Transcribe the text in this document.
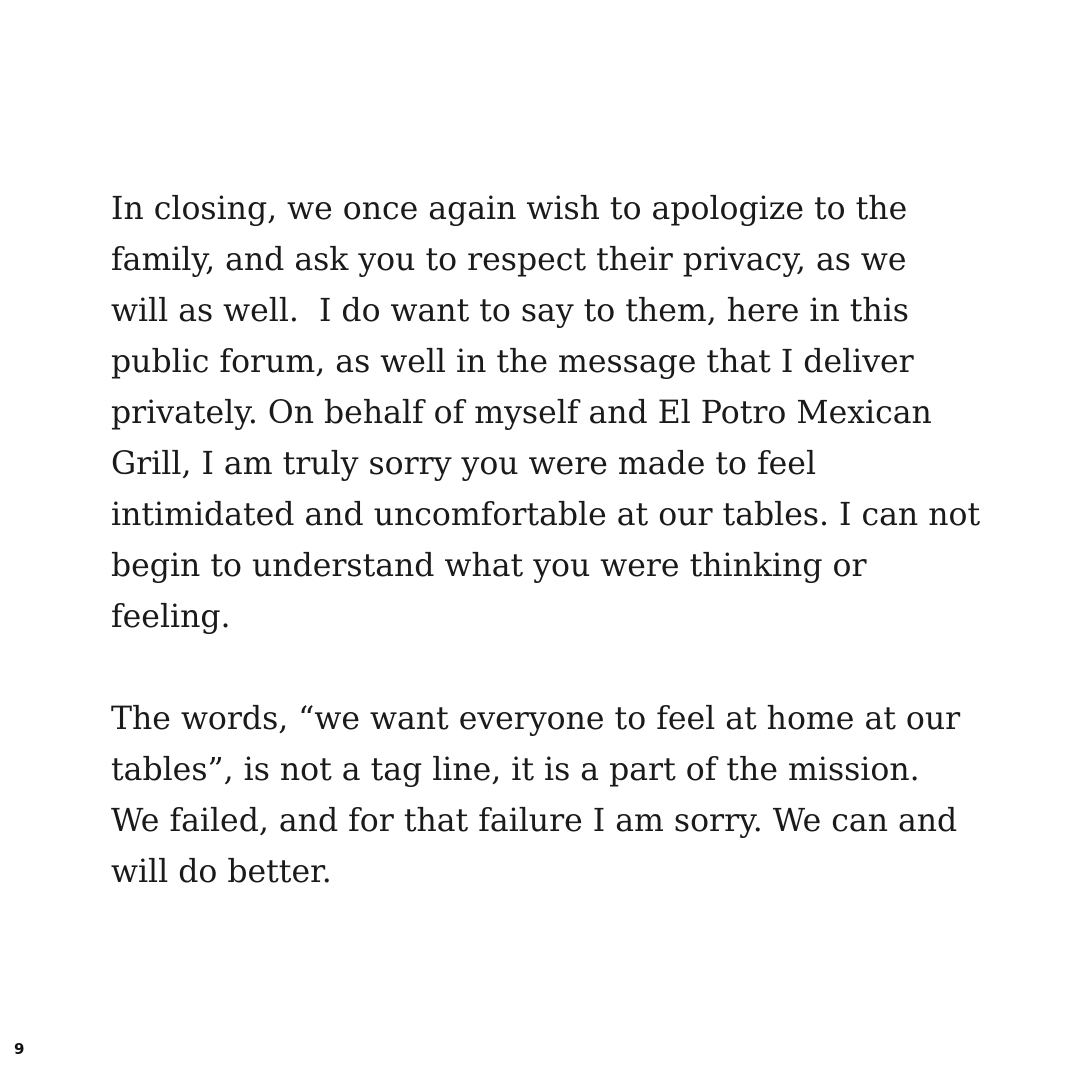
In closing, we once again wish to apologize to the
family, and ask you to respect their privacy, as we
will as well.  I do want to say to them, here in this
public forum, as well in the message that I deliver
privately. On behalf of myself and El Potro Mexican
Grill, I am truly sorry you were made to feel
intimidated and uncomfortable at our tables. I can not
begin to understand what you were thinking or
feeling.

The words, “we want everyone to feel at home at our
tables”, is not a tag line, it is a part of the mission.
We failed, and for that failure I am sorry. We can and
will do better.

9
